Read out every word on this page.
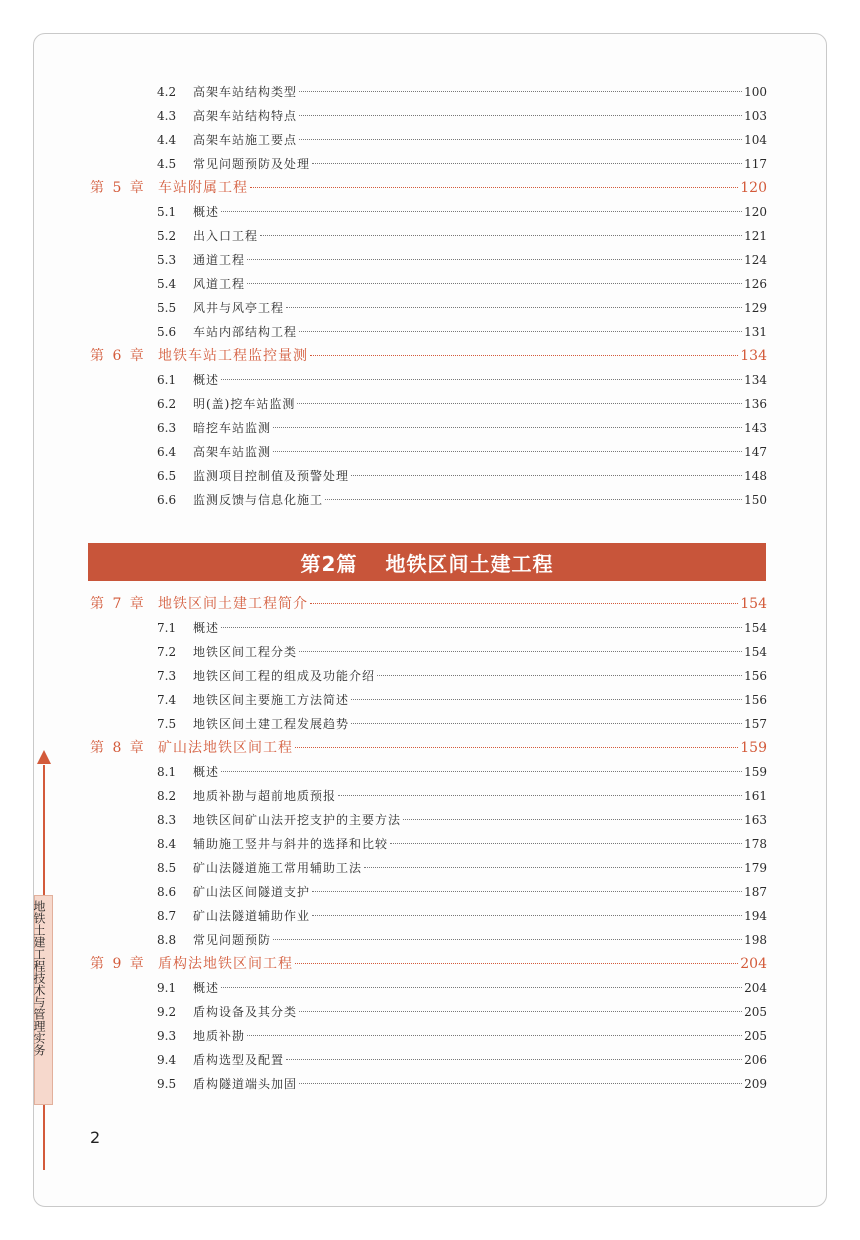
4.2	高架车站结构类型	100
4.3	高架车站结构特点	103
4.4	高架车站施工要点	104
4.5	常见问题预防及处理	117
第 5 章 车站附属工程	120
5.1	概述	120
5.2	出入口工程	121
5.3	通道工程	124
5.4	风道工程	126
5.5	风井与风亭工程	129
5.6	车站内部结构工程	131
第 6 章 地铁车站工程监控量测	134
6.1	概述	134
6.2	明(盖)挖车站监测	136
6.3	暗挖车站监测	143
6.4	高架车站监测	147
6.5	监测项目控制值及预警处理	148
6.6	监测反馈与信息化施工	150
第 7 章 地铁区间土建工程简介	154
7.1	概述	154
7.2	地铁区间工程分类	154
7.3	地铁区间工程的组成及功能介绍	156
7.4	地铁区间主要施工方法简述	156
7.5	地铁区间土建工程发展趋势	157
第 8 章 矿山法地铁区间工程	159
8.1	概述	159
8.2	地质补勘与超前地质预报	161
8.3	地铁区间矿山法开挖支护的主要方法	163
8.4	辅助施工竖井与斜井的选择和比较	178
8.5	矿山法隧道施工常用辅助工法	179
8.6	矿山法区间隧道支护	187
8.7	矿山法隧道辅助作业	194
8.8	常见问题预防	198
第 9 章 盾构法地铁区间工程	204
9.1	概述	204
9.2	盾构设备及其分类	205
9.3	地质补勘	205
9.4	盾构选型及配置	206
9.5	盾构隧道端头加固	209
第2篇 地铁区间土建工程
地铁土建工程技术与管理实务
2
